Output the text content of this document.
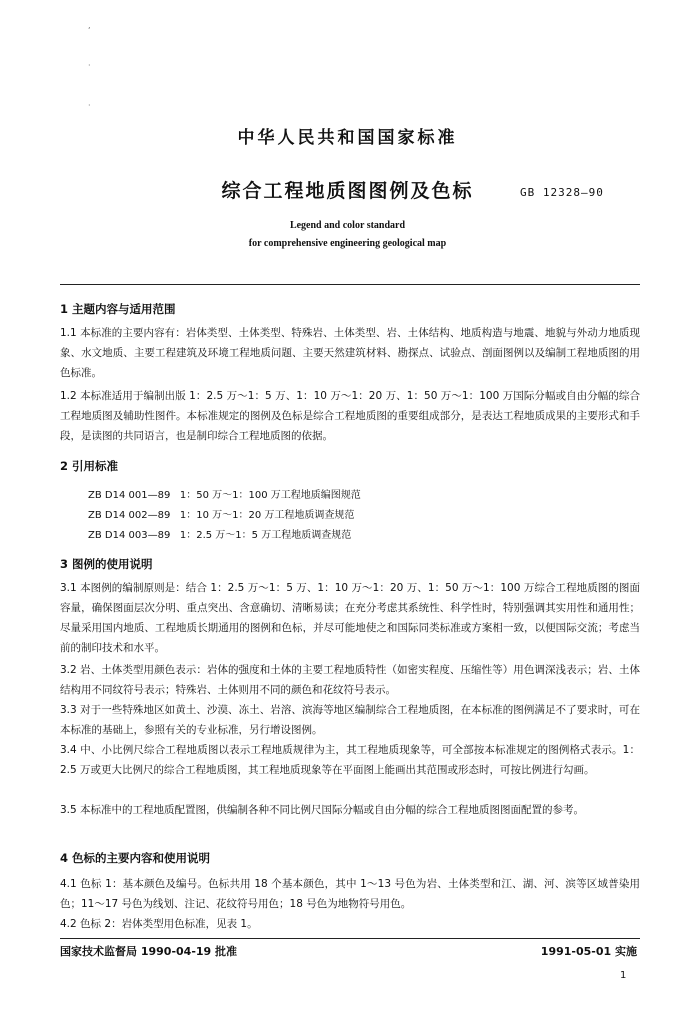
,
·
·
中华人民共和国国家标准
综合工程地质图图例及色标	GB 12328—90
Legend and color standard
for comprehensive engineering geological map
1 主题内容与适用范围
1.1 本标准的主要内容有：岩体类型、土体类型、特殊岩、土体类型、岩、土体结构、地质构造与地震、地貌与外动力地质现象、水文地质、主要工程建筑及环境工程地质问题、主要天然建筑材料、勘探点、试验点、剖面图例以及编制工程地质图的用色标准。
1.2 本标准适用于编制出版 1：2.5 万～1：5 万、1：10 万～1：20 万、1：50 万～1：100 万国际分幅或自由分幅的综合工程地质图及辅助性图件。本标准规定的图例及色标是综合工程地质图的重要组成部分，是表达工程地质成果的主要形式和手段，是读图的共同语言，也是制印综合工程地质图的依据。
2 引用标准
ZB D14 001—89   1：50 万～1：100 万工程地质编图规范
ZB D14 002—89   1：10 万～1：20 万工程地质调查规范
ZB D14 003—89   1：2.5 万～1：5 万工程地质调查规范
3 图例的使用说明
3.1 本图例的编制原则是：结合 1：2.5 万～1：5 万、1：10 万～1：20 万、1：50 万～1：100 万综合工程地质图的图面容量，确保图面层次分明、重点突出、含意确切、清晰易读；在充分考虑其系统性、科学性时，特别强调其实用性和通用性；尽量采用国内地质、工程地质长期通用的图例和色标，并尽可能地使之和国际同类标准或方案相一致，以便国际交流；考虑当前的制印技术和水平。
3.2 岩、土体类型用颜色表示：岩体的强度和土体的主要工程地质特性（如密实程度、压缩性等）用色调深浅表示；岩、土体结构用不同纹符号表示；特殊岩、土体则用不同的颜色和花纹符号表示。
3.3 对于一些特殊地区如黄土、沙漠、冻土、岩溶、滨海等地区编制综合工程地质图，在本标准的图例满足不了要求时，可在本标准的基础上，参照有关的专业标准，另行增设图例。
3.4 中、小比例尺综合工程地质图以表示工程地质规律为主，其工程地质现象等，可全部按本标准规定的图例格式表示。1：2.5 万或更大比例尺的综合工程地质图，其工程地质现象等在平面图上能画出其范围或形态时，可按比例进行勾画。
3.5 本标准中的工程地质配置图，供编制各种不同比例尺国际分幅或自由分幅的综合工程地质图图面配置的参考。
4 色标的主要内容和使用说明
4.1 色标 1：基本颜色及编号。色标共用 18 个基本颜色，其中 1～13 号色为岩、土体类型和江、湖、河、滨等区域普染用色；11～17 号色为线划、注记、花纹符号用色；18 号色为地物符号用色。
4.2 色标 2：岩体类型用色标准，见表 1。
国家技术监督局 1990-04-19 批准	1991-05-01 实施
1
